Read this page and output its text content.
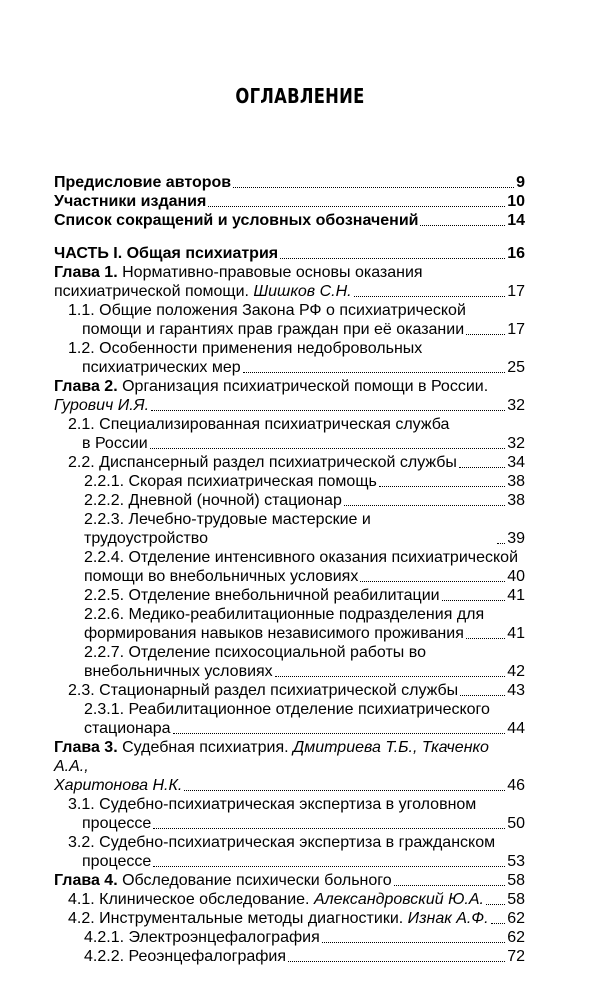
ОГЛАВЛЕНИЕ
Предисловие авторов	9
Участники издания	10
Список сокращений и условных обозначений	14
ЧАСТЬ I. Общая психиатрия	16
Глава 1. Нормативно-правовые основы оказания
психиатрической помощи. Шишков С.Н.	17
1.1. Общие положения Закона РФ о психиатрической
помощи и гарантиях прав граждан при её оказании	17
1.2. Особенности применения недобровольных
психиатрических мер	25
Глава 2. Организация психиатрической помощи в России.
Гурович И.Я.	32
2.1. Специализированная психиатрическая служба
в России	32
2.2. Диспансерный раздел психиатрической службы	34
2.2.1. Скорая психиатрическая помощь	38
2.2.2. Дневной (ночной) стационар	38
2.2.3. Лечебно-трудовые мастерские и трудоустройство	39
2.2.4. Отделение интенсивного оказания психиатрической
помощи во внебольничных условиях	40
2.2.5. Отделение внебольничной реабилитации	41
2.2.6. Медико-реабилитационные подразделения для
формирования навыков независимого проживания	41
2.2.7. Отделение психосоциальной работы во
внебольничных условиях	42
2.3. Стационарный раздел психиатрической службы	43
2.3.1. Реабилитационное отделение психиатрического
стационара	44
Глава 3. Судебная психиатрия. Дмитриева Т.Б., Ткаченко А.А.,
Харитонова Н.К.	46
3.1. Судебно-психиатрическая экспертиза в уголовном
процессе	50
3.2. Судебно-психиатрическая экспертиза в гражданском
процессе	53
Глава 4. Обследование психически больного	58
4.1. Клиническое обследование. Александровский Ю.А. 58
4.2. Инструментальные методы диагностики. Изнак А.Ф. 62
4.2.1. Электроэнцефалография	62
4.2.2. Реоэнцефалография	72
